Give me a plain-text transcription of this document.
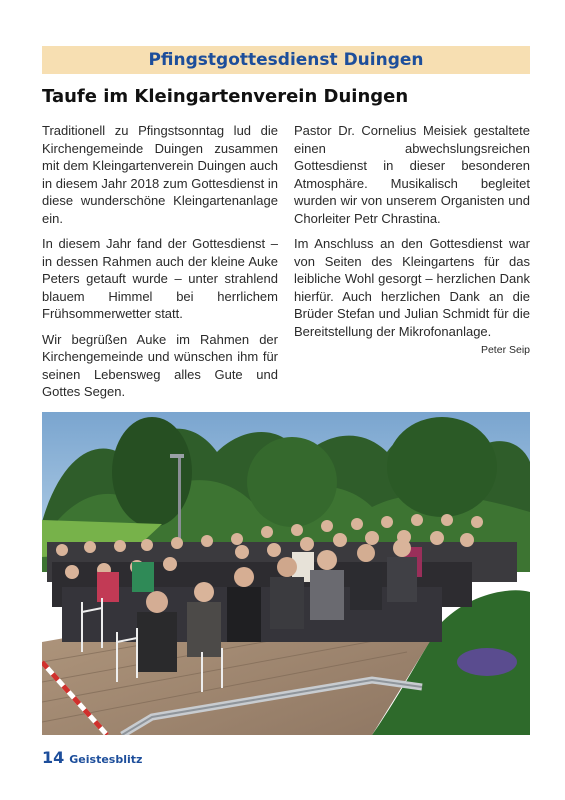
Pfingstgottesdienst Duingen
Taufe im Kleingartenverein Duingen

Traditionell zu Pfingstsonntag lud die Kirchengemeinde Duingen zusammen mit dem Kleingartenverein Duingen auch in diesem Jahr 2018 zum Gottesdienst in diese wunderschöne Kleingartenanlage ein.

In diesem Jahr fand der Gottesdienst – in dessen Rahmen auch der kleine Auke Peters getauft wurde – unter strahlend blauem Himmel bei herrlichem Frühsommerwetter statt.

Wir begrüßen Auke im Rahmen der Kirchengemeinde und wünschen ihm für seinen Lebensweg alles Gute und Gottes Segen.

Pastor Dr. Cornelius Meisiek gestaltete einen abwechslungsreichen Gottesdienst in dieser besonderen Atmosphäre. Musikalisch begleitet wurden wir von unserem Organisten und Chorleiter Petr Chrastina.

Im Anschluss an den Gottesdienst war von Seiten des Kleingartens für das leibliche Wohl gesorgt – herzlichen Dank hierfür. Auch herzlichen Dank an die Brüder Stefan und Julian Schmidt für die Bereitstellung der Mikrofonanlage.
Peter Seip

14 Geistesblitz
